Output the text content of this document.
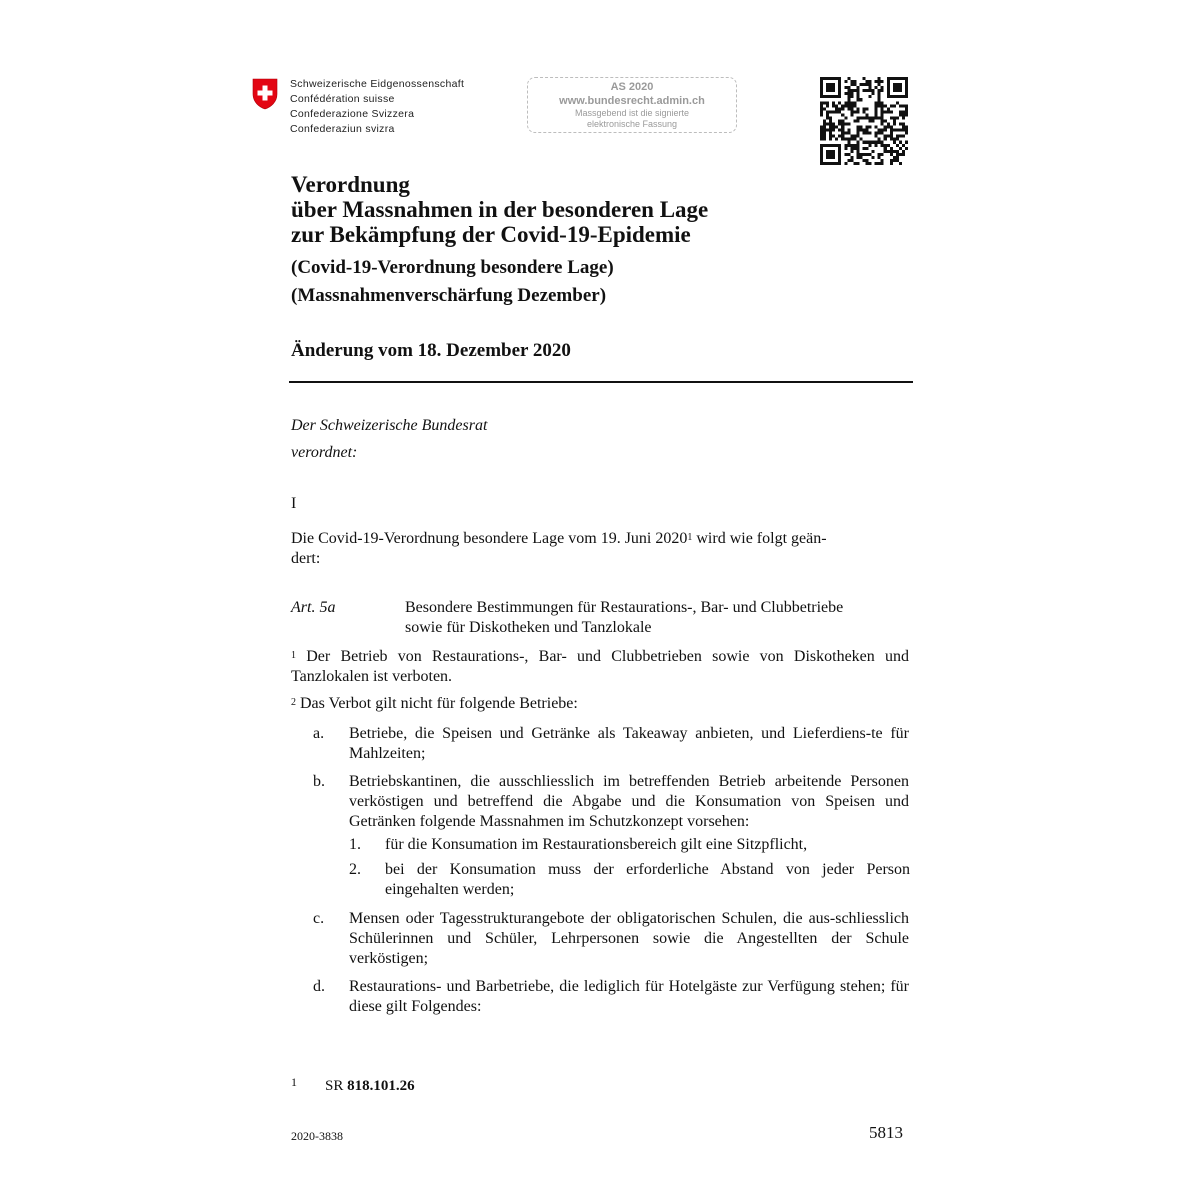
Schweizerische Eidgenossenschaft
Confédération suisse
Confederazione Svizzera
Confederaziun svizra
AS 2020
www.bundesrecht.admin.ch
Massgebend ist die signierte
elektronische Fassung
Verordnung
über Massnahmen in der besonderen Lage
zur Bekämpfung der Covid-19-Epidemie
(Covid-19-Verordnung besondere Lage)
(Massnahmenverschärfung Dezember)
Änderung vom 18. Dezember 2020
Der Schweizerische Bundesrat
verordnet:
I
Die Covid-19-Verordnung besondere Lage vom 19. Juni 2020$^1$ wird wie folgt geän-
dert:
Art. 5a	Besondere Bestimmungen für Restaurations-, Bar- und Clubbetriebe
sowie für Diskotheken und Tanzlokale
$^1$ Der Betrieb von Restaurations-, Bar- und Clubbetrieben sowie von Diskotheken und Tanzlokalen ist verboten.
$^2$ Das Verbot gilt nicht für folgende Betriebe:
a. Betriebe, die Speisen und Getränke als Takeaway anbieten, und Lieferdiens-te für Mahlzeiten;
b. Betriebskantinen, die ausschliesslich im betreffenden Betrieb arbeitende Personen verköstigen und betreffend die Abgabe und die Konsumation von Speisen und Getränken folgende Massnahmen im Schutzkonzept vorsehen:
1. für die Konsumation im Restaurationsbereich gilt eine Sitzpflicht,
2. bei der Konsumation muss der erforderliche Abstand von jeder Person eingehalten werden;
c. Mensen oder Tagesstrukturangebote der obligatorischen Schulen, die aus-schliesslich Schülerinnen und Schüler, Lehrpersonen sowie die Angestellten der Schule verköstigen;
d. Restaurations- und Barbetriebe, die lediglich für Hotelgäste zur Verfügung stehen; für diese gilt Folgendes:
1 SR 818.101.26
2020-3838	5813
